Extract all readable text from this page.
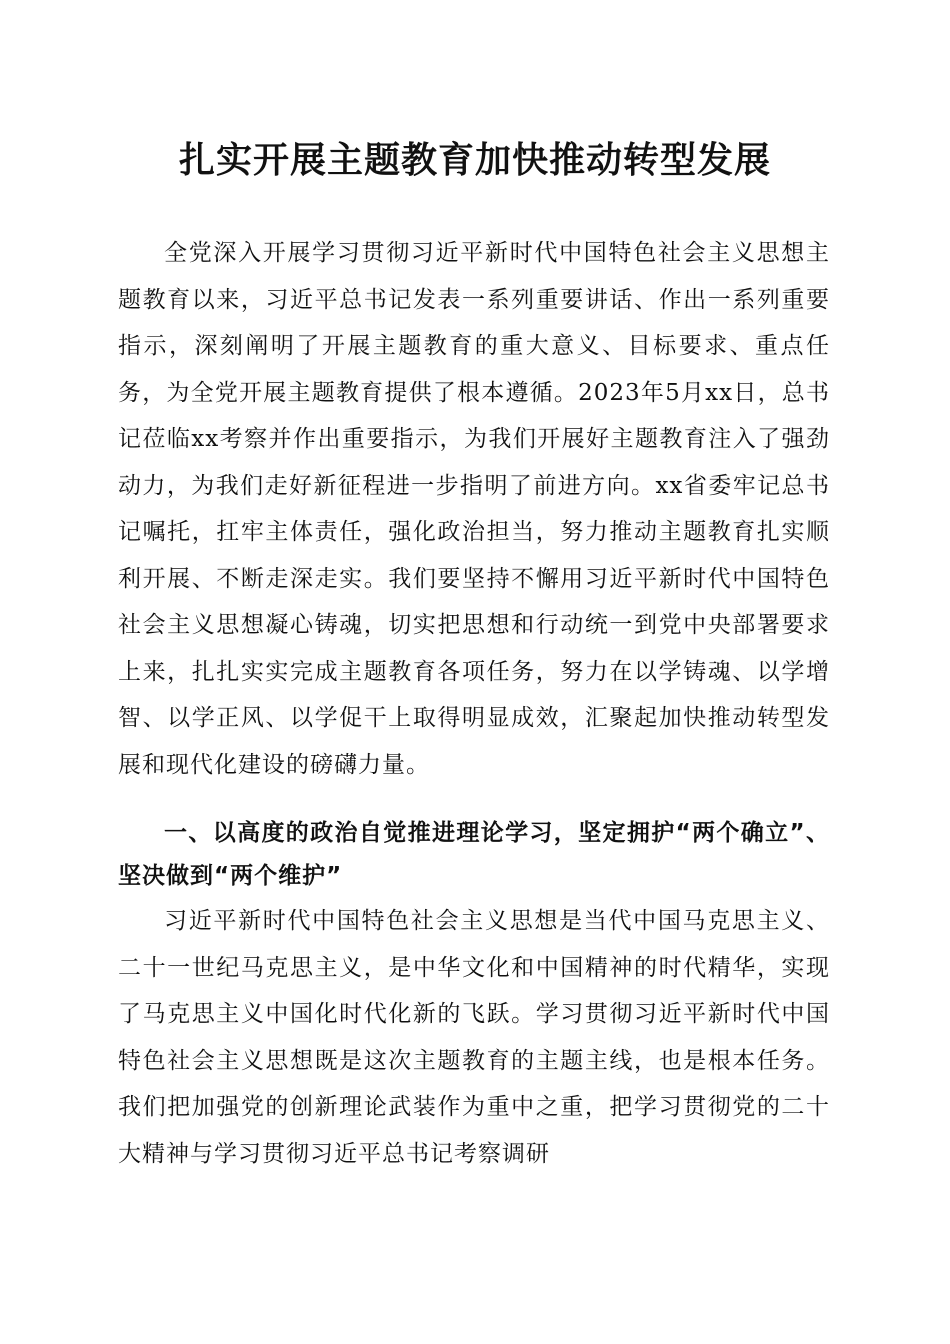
扎实开展主题教育加快推动转型发展

全党深入开展学习贯彻习近平新时代中国特色社会主义思想主题教育以来，习近平总书记发表一系列重要讲话、作出一系列重要指示，深刻阐明了开展主题教育的重大意义、目标要求、重点任务，为全党开展主题教育提供了根本遵循。2023年5月xx日，总书记莅临xx考察并作出重要指示，为我们开展好主题教育注入了强劲动力，为我们走好新征程进一步指明了前进方向。xx省委牢记总书记嘱托，扛牢主体责任，强化政治担当，努力推动主题教育扎实顺利开展、不断走深走实。我们要坚持不懈用习近平新时代中国特色社会主义思想凝心铸魂，切实把思想和行动统一到党中央部署要求上来，扎扎实实完成主题教育各项任务，努力在以学铸魂、以学增智、以学正风、以学促干上取得明显成效，汇聚起加快推动转型发展和现代化建设的磅礴力量。

一、以高度的政治自觉推进理论学习，坚定拥护“两个确立”、坚决做到“两个维护”

习近平新时代中国特色社会主义思想是当代中国马克思主义、二十一世纪马克思主义，是中华文化和中国精神的时代精华，实现了马克思主义中国化时代化新的飞跃。学习贯彻习近平新时代中国特色社会主义思想既是这次主题教育的主题主线，也是根本任务。我们把加强党的创新理论武装作为重中之重，把学习贯彻党的二十大精神与学习贯彻习近平总书记考察调研
